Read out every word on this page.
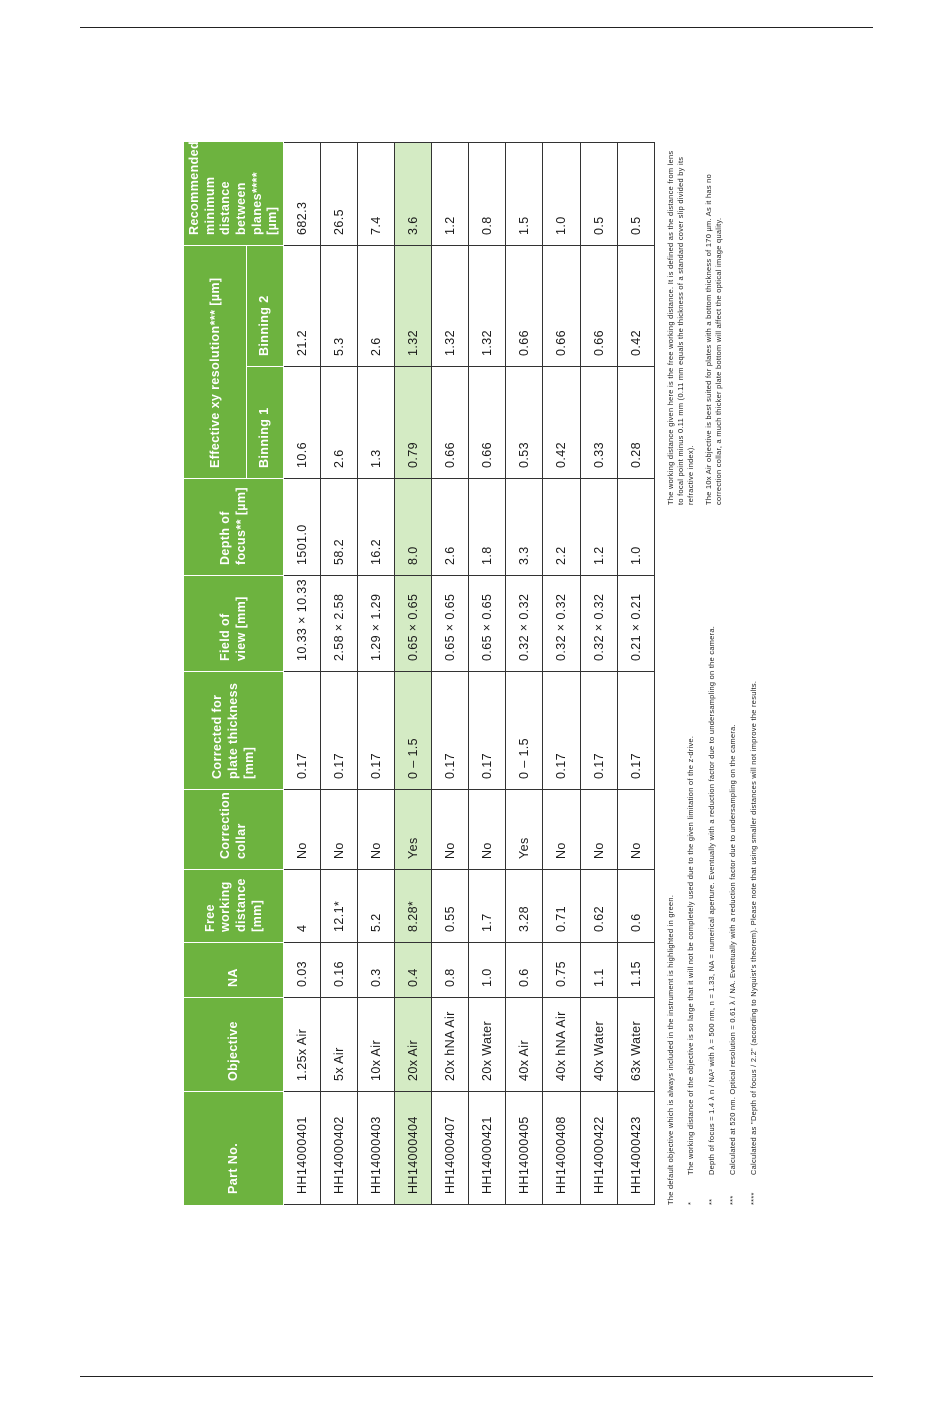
Part No.	Objective	NA	Free working distance [mm]	Correction collar	Corrected for plate thickness [mm]	Field of view [mm]	Depth of focus** [µm]	Effective xy resolution*** [µm]		Recommended minimum distance between planes**** [µm]
								Binning 1	Binning 2	
HH14000401	1.25x Air	0.03	4	No	0.17	10.33 × 10.33	1501.0	10.6	21.2	682.3
HH14000402	5x Air	0.16	12.1*	No	0.17	2.58 × 2.58	58.2	2.6	5.3	26.5
HH14000403	10x Air	0.3	5.2	No	0.17	1.29 × 1.29	16.2	1.3	2.6	7.4
HH14000404	20x Air	0.4	8.28*	Yes	0 – 1.5	0.65 × 0.65	8.0	0.79	1.32	3.6
HH14000407	20x hNA Air	0.8	0.55	No	0.17	0.65 × 0.65	2.6	0.66	1.32	1.2
HH14000421	20x Water	1.0	1.7	No	0.17	0.65 × 0.65	1.8	0.66	1.32	0.8
HH14000405	40x Air	0.6	3.28	Yes	0 – 1.5	0.32 × 0.32	3.3	0.53	0.66	1.5
HH14000408	40x hNA Air	0.75	0.71	No	0.17	0.32 × 0.32	2.2	0.42	0.66	1.0
HH14000422	40x Water	1.1	0.62	No	0.17	0.32 × 0.32	1.2	0.33	0.66	0.5
HH14000423	63x Water	1.15	0.6	No	0.17	0.21 × 0.21	1.0	0.28	0.42	0.5

The default objective which is always included in the instrument is highlighted in green. *
The working distance of the objective is so large that it will not be completely used due to the given limitation of the z-drive.
**
Depth of focus = 1.4 λ n / NA² with λ = 500 nm, n = 1.33, NA = numerical aperture. Eventually with a reduction factor due to undersampling on the camera.
***
Calculated at 520 nm. Optical resolution = 0.61 λ / NA. Eventually with a reduction factor due to undersampling on the camera.
****
Calculated as "Depth of focus / 2.2" (according to Nyquist's theorem). Please note that using smaller distances will not improve the results.

The working distance given here is the free working distance. It is defined as the distance from lens to focal point minus 0.11 mm (0.11 mm equals the thickness of a standard cover slip divided by its refractive index). The 10x Air objective is best suited for plates with a bottom thickness of 170 µm. As it has no correction collar, a much thicker plate bottom will affect the optical image quality.
